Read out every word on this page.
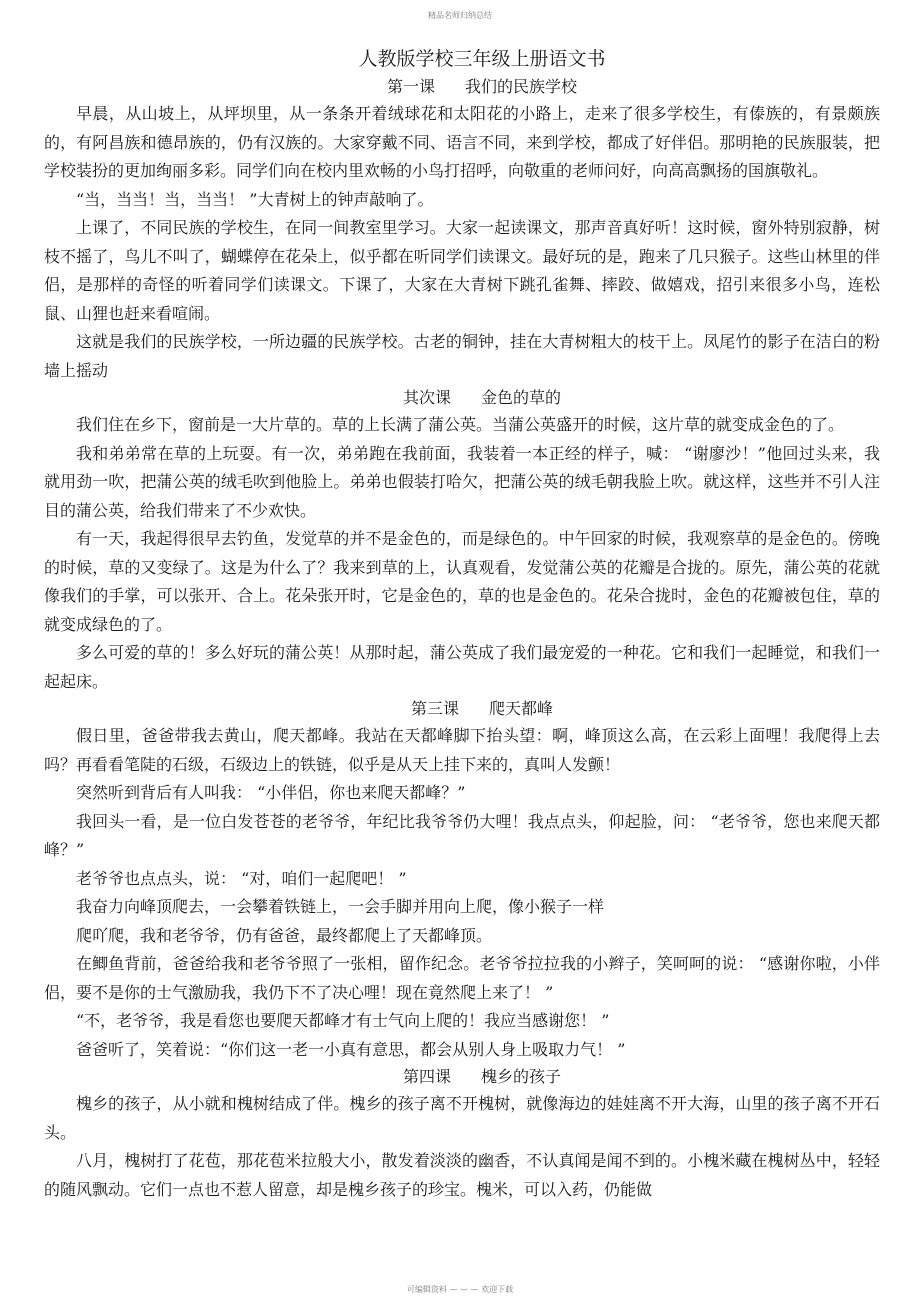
精品名师归纳总结
人教版学校三年级上册语文书
第一课 我们的民族学校

早晨，从山坡上，从坪坝里，从一条条开着绒球花和太阳花的小路上，走来了很多学校生，有傣族的，有景颇族的，有阿昌族和德昂族的，仍有汉族的。大家穿戴不同、语言不同，来到学校，都成了好伴侣。那明艳的民族服装，把学校装扮的更加绚丽多彩。同学们向在校内里欢畅的小鸟打招呼，向敬重的老师问好，向高高飘扬的国旗敬礼。

“当，当当！当，当当！ ”大青树上的钟声敲响了。

上课了，不同民族的学校生，在同一间教室里学习。大家一起读课文，那声音真好听！这时候，窗外特别寂静，树枝不摇了，鸟儿不叫了，蝴蝶停在花朵上，似乎都在听同学们读课文。最好玩的是，跑来了几只猴子。这些山林里的伴侣，是那样的奇怪的听着同学们读课文。下课了，大家在大青树下跳孔雀舞、摔跤、做嬉戏，招引来很多小鸟，连松鼠、山狸也赶来看喧闹。

这就是我们的民族学校，一所边疆的民族学校。古老的铜钟，挂在大青树粗大的枝干上。凤尾竹的影子在洁白的粉墙上摇动

其次课 金色的草的

我们住在乡下，窗前是一大片草的。草的上长满了蒲公英。当蒲公英盛开的时候，这片草的就变成金色的了。

我和弟弟常在草的上玩耍。有一次，弟弟跑在我前面，我装着一本正经的样子，喊： “谢廖沙！”他回过头来，我就用劲一吹，把蒲公英的绒毛吹到他脸上。弟弟也假装打哈欠，把蒲公英的绒毛朝我脸上吹。就这样，这些并不引人注目的蒲公英，给我们带来了不少欢快。

有一天，我起得很早去钓鱼，发觉草的并不是金色的，而是绿色的。中午回家的时候，我观察草的是金色的。傍晚的时候，草的又变绿了。这是为什么了？我来到草的上，认真观看，发觉蒲公英的花瓣是合拢的。原先，蒲公英的花就像我们的手掌，可以张开、合上。花朵张开时，它是金色的，草的也是金色的。花朵合拢时，金色的花瓣被包住，草的就变成绿色的了。

多么可爱的草的！多么好玩的蒲公英！从那时起，蒲公英成了我们最宠爱的一种花。它和我们一起睡觉，和我们一起起床。

第三课 爬天都峰

假日里，爸爸带我去黄山，爬天都峰。我站在天都峰脚下抬头望：啊，峰顶这么高，在云彩上面哩！我爬得上去吗？再看看笔陡的石级，石级边上的铁链，似乎是从天上挂下来的，真叫人发颤！

突然听到背后有人叫我： “小伴侣，你也来爬天都峰？”

我回头一看，是一位白发苍苍的老爷爷，年纪比我爷爷仍大哩！我点点头，仰起脸，问： “老爷爷，您也来爬天都峰？”

老爷爷也点点头，说： “对，咱们一起爬吧！ ”

我奋力向峰顶爬去，一会攀着铁链上，一会手脚并用向上爬，像小猴子一样

爬吖爬，我和老爷爷，仍有爸爸，最终都爬上了天都峰顶。

在鲫鱼背前，爸爸给我和老爷爷照了一张相，留作纪念。老爷爷拉拉我的小辫子，笑呵呵的说： “感谢你啦，小伴侣，要不是你的士气激励我，我仍下不了决心哩！现在竟然爬上来了！ ”

“不，老爷爷，我是看您也要爬天都峰才有士气向上爬的！我应当感谢您！ ”

爸爸听了，笑着说：“你们这一老一小真有意思，都会从别人身上吸取力气！ ”

第四课 槐乡的孩子

槐乡的孩子，从小就和槐树结成了伴。槐乡的孩子离不开槐树，就像海边的娃娃离不开大海，山里的孩子离不开石头。

八月，槐树打了花苞，那花苞米拉般大小，散发着淡淡的幽香，不认真闻是闻不到的。小槐米藏在槐树丛中，轻轻的随风飘动。它们一点也不惹人留意，却是槐乡孩子的珍宝。槐米，可以入药，仍能做

可编辑资料 — — — 欢迎下载
